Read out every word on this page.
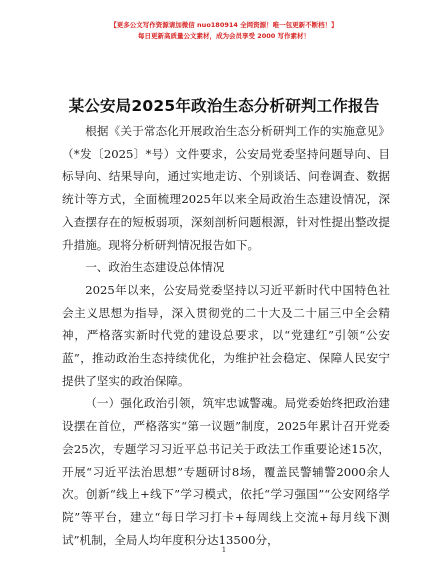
【更多公文写作资源请加微信 nuo180914 全网资源！唯一包更新不断档！】
每日更新高质量公文素材，成为会员享受 2000 写作素材！
某公安局2025年政治生态分析研判工作报告

根据《关于常态化开展政治生态分析研判工作的实施意见》（*发〔2025〕*号）文件要求，公安局党委坚持问题导向、目标导向、结果导向，通过实地走访、个别谈话、问卷调查、数据统计等方式，全面梳理2025年以来全局政治生态建设情况，深入查摆存在的短板弱项，深刻剖析问题根源，针对性提出整改提升措施。现将分析研判情况报告如下。

一、政治生态建设总体情况

2025年以来，公安局党委坚持以习近平新时代中国特色社会主义思想为指导，深入贯彻党的二十大及二十届三中全会精神，严格落实新时代党的建设总要求，以“党建红”引领“公安蓝”，推动政治生态持续优化，为维护社会稳定、保障人民安宁提供了坚实的政治保障。

（一）强化政治引领，筑牢忠诚警魂。局党委始终把政治建设摆在首位，严格落实“第一议题”制度，2025年累计召开党委会25次，专题学习习近平总书记关于政法工作重要论述15次，开展“习近平法治思想”专题研讨8场，覆盖民警辅警2000余人次。创新“线上+线下”学习模式，依托“学习强国”“公安网络学院”等平台，建立“每日学习打卡+每周线上交流+每月线下测试”机制，全局人均年度积分达13500分，

1
